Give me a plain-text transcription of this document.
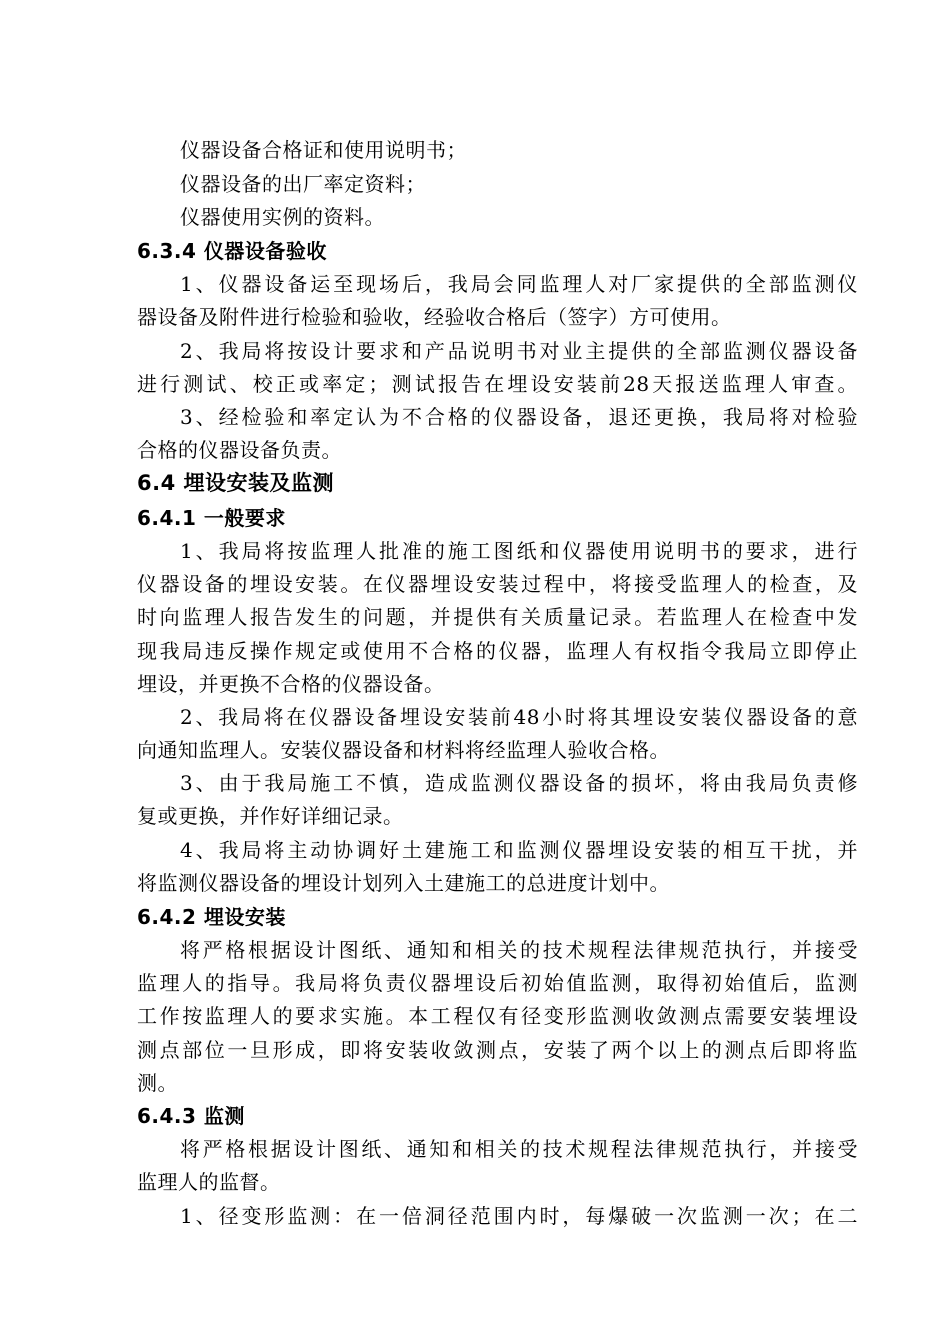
仪器设备合格证和使用说明书；
仪器设备的出厂率定资料；
仪器使用实例的资料。
6.3.4 仪器设备验收
1、仪器设备运至现场后，我局会同监理人对厂家提供的全部监测仪
器设备及附件进行检验和验收，经验收合格后（签字）方可使用。
2、我局将按设计要求和产品说明书对业主提供的全部监测仪器设备
进行测试、校正或率定；测试报告在埋设安装前28天报送监理人审查。
3、经检验和率定认为不合格的仪器设备，退还更换，我局将对检验
合格的仪器设备负责。
6.4 埋设安装及监测
6.4.1 一般要求
1、我局将按监理人批准的施工图纸和仪器使用说明书的要求，进行
仪器设备的埋设安装。在仪器埋设安装过程中，将接受监理人的检查，及
时向监理人报告发生的问题，并提供有关质量记录。若监理人在检查中发
现我局违反操作规定或使用不合格的仪器，监理人有权指令我局立即停止
埋设，并更换不合格的仪器设备。
2、我局将在仪器设备埋设安装前48小时将其埋设安装仪器设备的意
向通知监理人。安装仪器设备和材料将经监理人验收合格。
3、由于我局施工不慎，造成监测仪器设备的损坏，将由我局负责修
复或更换，并作好详细记录。
4、我局将主动协调好土建施工和监测仪器埋设安装的相互干扰，并
将监测仪器设备的埋设计划列入土建施工的总进度计划中。
6.4.2 埋设安装
将严格根据设计图纸、通知和相关的技术规程法律规范执行，并接受
监理人的指导。我局将负责仪器埋设后初始值监测，取得初始值后，监测
工作按监理人的要求实施。本工程仅有径变形监测收敛测点需要安装埋设
测点部位一旦形成，即将安装收敛测点，安装了两个以上的测点后即将监
测。
6.4.3 监测
将严格根据设计图纸、通知和相关的技术规程法律规范执行，并接受
监理人的监督。
1、径变形监测：在一倍洞径范围内时，每爆破一次监测一次；在二
